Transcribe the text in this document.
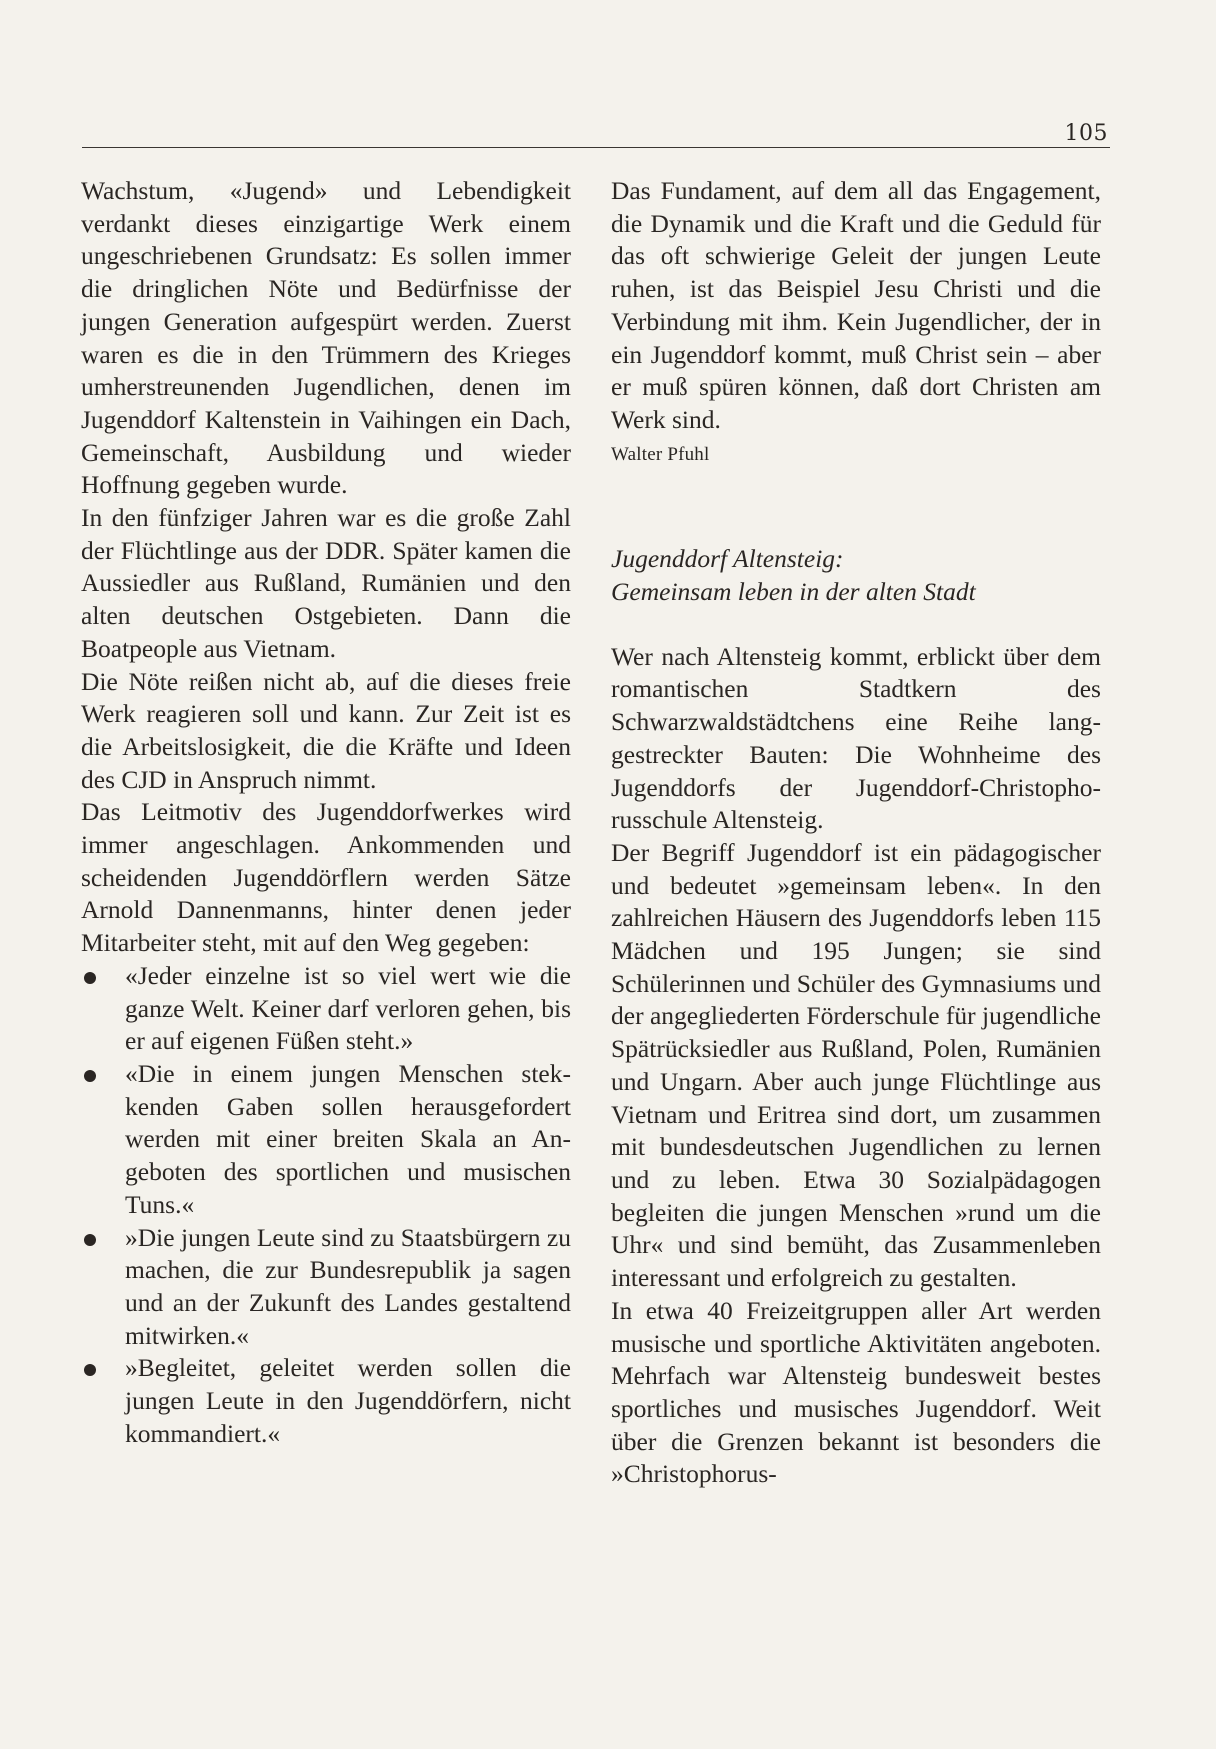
105

Wachstum, «Jugend» und Lebendigkeit verdankt dieses einzigartige Werk einem ungeschriebenen Grundsatz: Es sollen immer die dringlichen Nöte und Bedürfnisse der jungen Generation aufgespürt werden. Zuerst waren es die in den Trümmern des Krieges umherstreunenden Jugendlichen, denen im Jugenddorf Kaltenstein in Vaihingen ein Dach, Gemeinschaft, Ausbildung und wieder Hoffnung gegeben wurde.

In den fünfziger Jahren war es die große Zahl der Flüchtlinge aus der DDR. Später kamen die Aussiedler aus Rußland, Rumänien und den alten deutschen Ostgebieten. Dann die Boatpeople aus Vietnam.

Die Nöte reißen nicht ab, auf die dieses freie Werk reagieren soll und kann. Zur Zeit ist es die Arbeitslosigkeit, die die Kräfte und Ideen des CJD in Anspruch nimmt.

Das Leitmotiv des Jugenddorfwerkes wird immer angeschlagen. Ankommenden und scheidenden Jugenddörflern werden Sätze Arnold Dannenmanns, hinter denen jeder Mitarbeiter steht, mit auf den Weg gegeben:

«Jeder einzelne ist so viel wert wie die ganze Welt. Keiner darf verloren gehen, bis er auf eigenen Füßen steht.»
«Die in einem jungen Menschen stekkenden Gaben sollen herausgefordert werden mit einer breiten Skala an Angeboten des sportlichen und musischen Tuns.«
»Die jungen Leute sind zu Staatsbürgern zu machen, die zur Bundesrepublik ja sagen und an der Zukunft des Landes gestaltend mitwirken.«
»Begleitet, geleitet werden sollen die jungen Leute in den Jugenddörfern, nicht kommandiert.«

Das Fundament, auf dem all das Engagement, die Dynamik und die Kraft und die Geduld für das oft schwierige Geleit der jungen Leute ruhen, ist das Beispiel Jesu Christi und die Verbindung mit ihm. Kein Jugendlicher, der in ein Jugenddorf kommt, muß Christ sein – aber er muß spüren können, daß dort Christen am Werk sind.

Walter Pfuhl

Jugenddorf Altensteig:
Gemeinsam leben in der alten Stadt

Wer nach Altensteig kommt, erblickt über dem romantischen Stadtkern des Schwarzwaldstädtchens eine Reihe langgestreckter Bauten: Die Wohnheime des Jugenddorfs der Jugenddorf-Christophorusschule Altensteig.

Der Begriff Jugenddorf ist ein pädagogischer und bedeutet »gemeinsam leben«. In den zahlreichen Häusern des Jugenddorfs leben 115 Mädchen und 195 Jungen; sie sind Schülerinnen und Schüler des Gymnasiums und der angegliederten Förderschule für jugendliche Spätrücksiedler aus Rußland, Polen, Rumänien und Ungarn. Aber auch junge Flüchtlinge aus Vietnam und Eritrea sind dort, um zusammen mit bundesdeutschen Jugendlichen zu lernen und zu leben. Etwa 30 Sozialpädagogen begleiten die jungen Menschen »rund um die Uhr« und sind bemüht, das Zusammenleben interessant und erfolgreich zu gestalten.

In etwa 40 Freizeitgruppen aller Art werden musische und sportliche Aktivitäten angeboten. Mehrfach war Altensteig bundesweit bestes sportliches und musisches Jugenddorf. Weit über die Grenzen bekannt ist besonders die »Christophorus-
